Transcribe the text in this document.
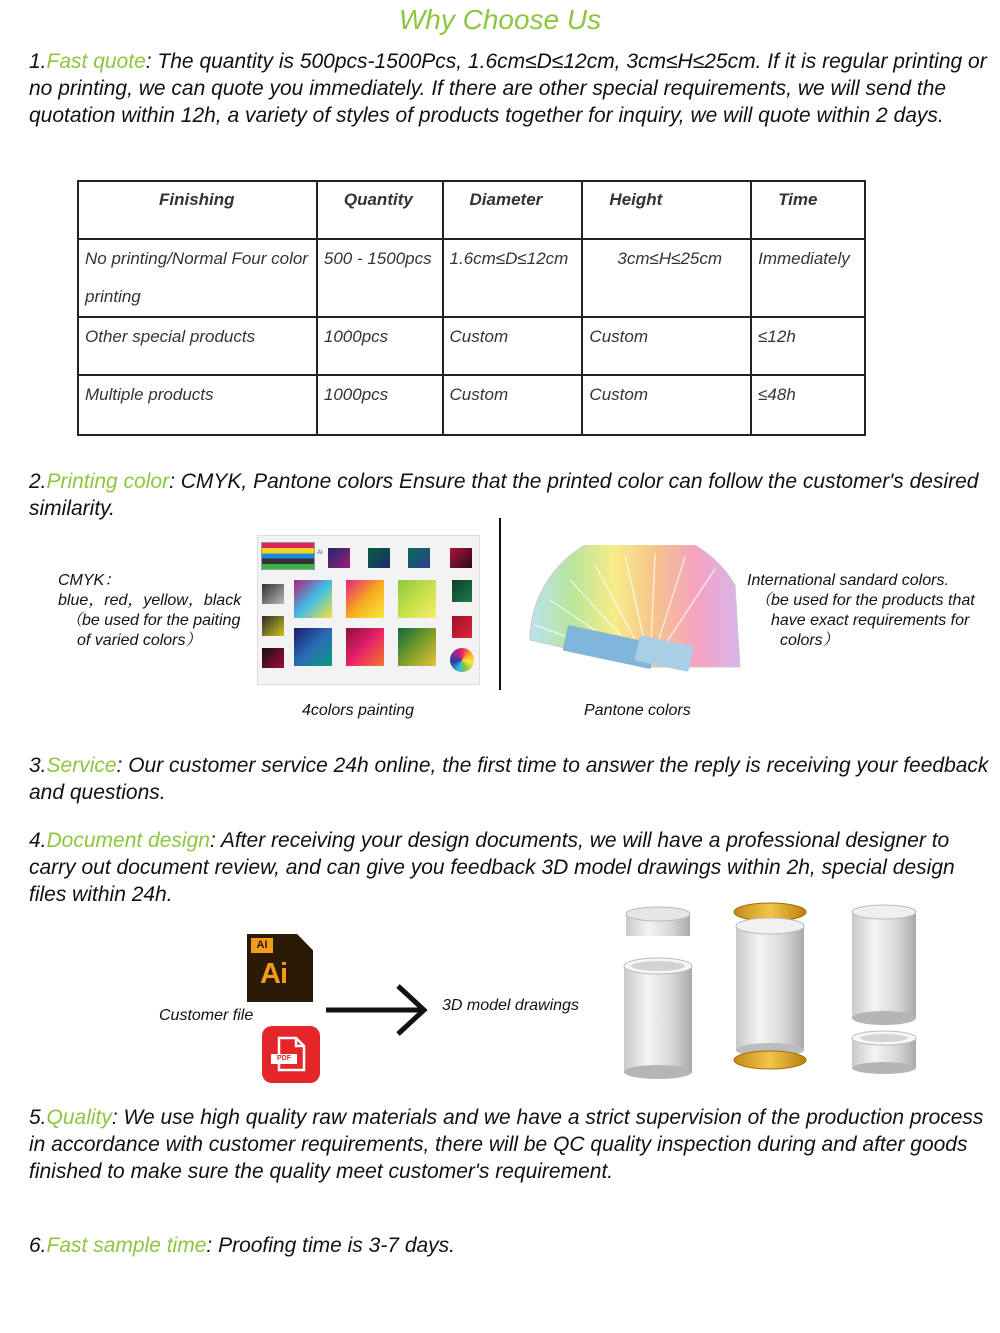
Why Choose Us

1.Fast quote: The quantity is 500pcs-1500Pcs, 1.6cm≤D≤12cm, 3cm≤H≤25cm. If it is regular printing or no printing, we can quote you immediately. If there are other special requirements, we will send the quotation within 12h, a variety of styles of products together for inquiry, we will quote within 2 days.

Finishing	Quantity	Diameter	Height	Time
No printing/Normal Four color printing	500 - 1500pcs	1.6cm≤D≤12cm	3cm≤H≤25cm	Immediately
Other special products	1000pcs	Custom	Custom	≤12h
Multiple products	1000pcs	Custom	Custom	≤48h

2.Printing color: CMYK, Pantone colors Ensure that the printed color can follow the customer's desired similarity.

CMYK：
blue，red，yellow，black
（be used for the paiting
of varied colors）
AI
International sandard colors.
（be used for the products that
have exact requirements for
colors）
4colors painting	Pantone colors

3.Service: Our customer service 24h online, the first time to answer the reply is receiving your feedback and questions.

4.Document design: After receiving your design documents, we will have a professional designer to carry out document review, and can give you feedback 3D model drawings within 2h, special design files within 24h.

AI
Ai
PDF
Customer file
3D model drawings

5.Quality: We use high quality raw materials and we have a strict supervision of the production process in accordance with customer requirements, there will be QC quality inspection during and after goods finished to make sure the quality meet customer's requirement.

6.Fast sample time: Proofing time is 3-7 days.
